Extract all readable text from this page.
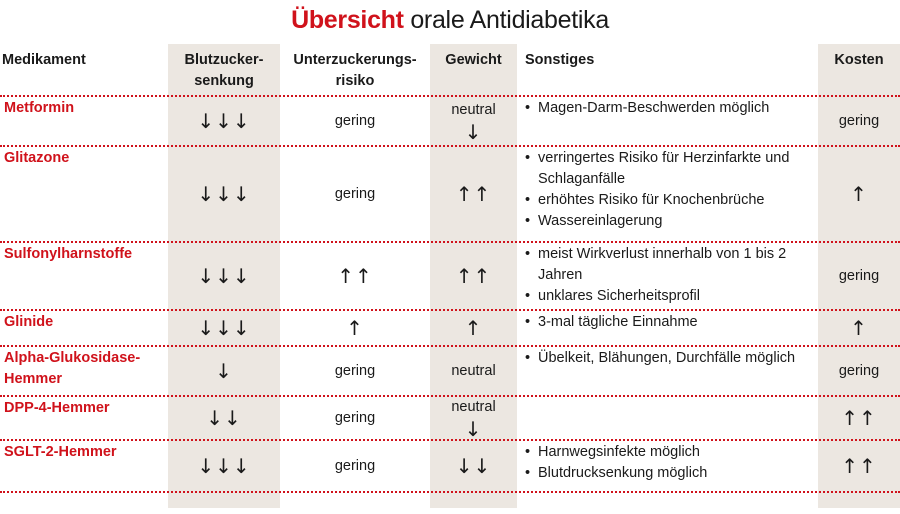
Übersicht orale Antidiabetika
Medikament	Blutzucker-
senkung
Unterzuckerungs-
risiko
Gewicht	Sonstiges	Kosten
Metformin
↓↓↓	gering
neutral
↓
• Magen-Darm-Beschwerden möglich
gering
Glitazone
↓↓↓	gering	↑↑
• verringertes Risiko für Herzinfarkte und Schlaganfälle
• erhöhtes Risiko für Knochenbrüche
• Wassereinlagerung
↑
Sulfonylharnstoffe
↓↓↓	↑↑	↑↑
• meist Wirkverlust innerhalb von 1 bis 2 Jahren
• unklares Sicherheitsprofil
gering
Glinide	↓↓↓	↑	↑
•	3-mal tägliche Einnahme	↑
Alpha-Glukosidase-Hemmer	↓	gering	neutral
• Übelkeit, Blähungen, Durchfälle möglich
gering
DPP-4-Hemmer	↓↓	gering
neutral
↓	↑↑
SGLT-2-Hemmer
↓↓↓	gering	↓↓
• Harnwegsinfekte möglich
• Blutdrucksenkung möglich	↑↑
